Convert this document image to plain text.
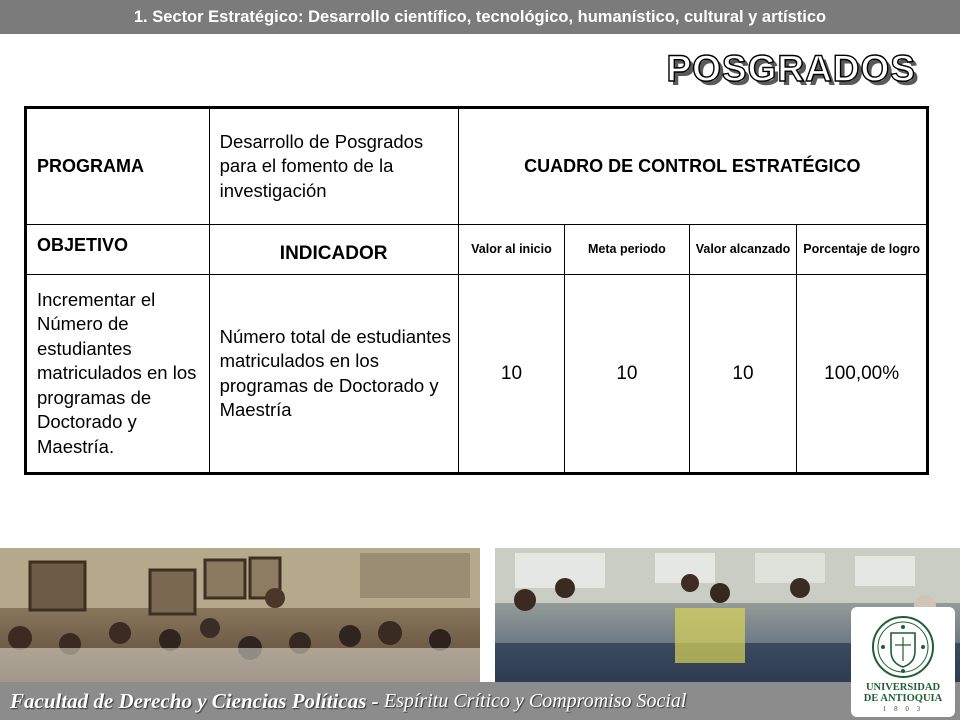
1. Sector Estratégico: Desarrollo científico, tecnológico, humanístico, cultural y artístico
POSGRADOS
PROGRAMA	Desarrollo de Posgrados para el fomento de la investigación	CUADRO DE CONTROL ESTRATÉGICO			
OBJETIVO	INDICADOR	Valor al inicio	Meta periodo	Valor alcanzado	Porcentaje de logro
Incrementar el Número de estudiantes matriculados en los programas de Doctorado y Maestría.	Número total de estudiantes matriculados en los programas de Doctorado y Maestría	10	10	10	100,00%
Facultad de Derecho y Ciencias Políticas - Espíritu Crítico y Compromiso Social
UNIVERSIDAD
DE ANTIOQUIA
1 8 0 3
